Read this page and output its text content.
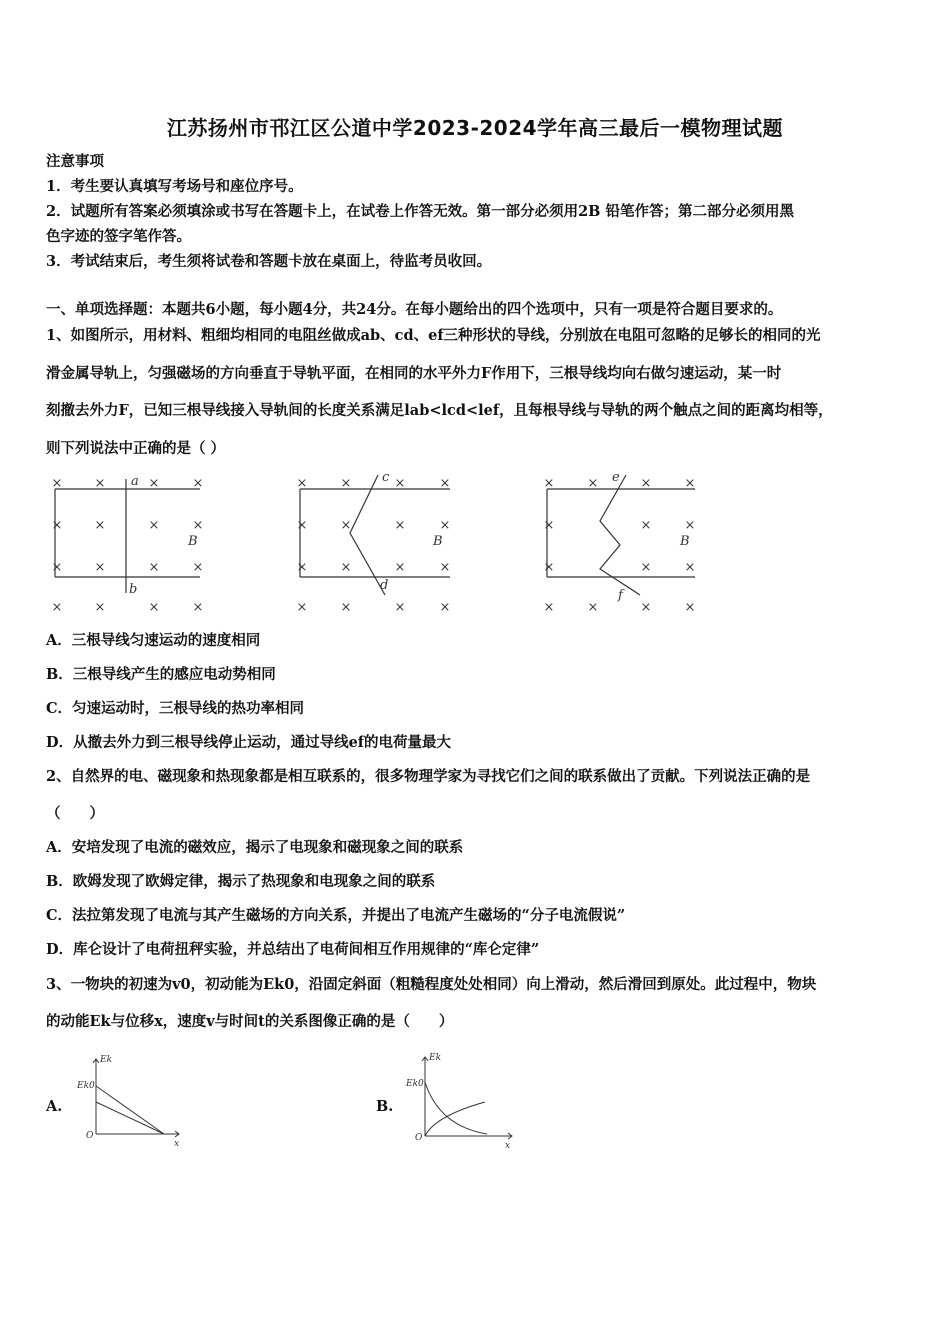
江苏扬州市邗江区公道中学2023-2024学年高三最后一模物理试题
注意事项
1．考生要认真填写考场号和座位序号。
2．试题所有答案必须填涂或书写在答题卡上，在试卷上作答无效。第一部分必须用2B 铅笔作答；第二部分必须用黑
色字迹的签字笔作答。
3．考试结束后，考生须将试卷和答题卡放在桌面上，待监考员收回。
一、单项选择题：本题共6小题，每小题4分，共24分。在每小题给出的四个选项中，只有一项是符合题目要求的。
1、如图所示，用材料、粗细均相同的电阻丝做成ab、cd、ef三种形状的导线，分别放在电阻可忽略的足够长的相同的光
滑金属导轨上，匀强磁场的方向垂直于导轨平面，在相同的水平外力F作用下，三根导线均向右做匀速运动，某一时
刻撤去外力F，已知三根导线接入导轨间的长度关系满足lab<lcd<lef，且每根导线与导轨的两个触点之间的距离均相等，
则下列说法中正确的是（ ）
× ×	×	×
× ×	×	×
× ×	×	×
× ×	×	×
×	×	×	×
×	×	×	×
×	×	×	×
×	×	×	×
×	×	×	×
×	×	×
×	×	×
×	×	×	×
a
b
c
d
e
f
B	B	B
A．三根导线匀速运动的速度相同
B．三根导线产生的感应电动势相同
C．匀速运动时，三根导线的热功率相同
D．从撤去外力到三根导线停止运动，通过导线ef的电荷量最大
2、自然界的电、磁现象和热现象都是相互联系的，很多物理学家为寻找它们之间的联系做出了贡献。下列说法正确的是
（　　）
A．安培发现了电流的磁效应，揭示了电现象和磁现象之间的联系
B．欧姆发现了欧姆定律，揭示了热现象和电现象之间的联系
C．法拉第发现了电流与其产生磁场的方向关系，并提出了电流产生磁场的“分子电流假说”
D．库仑设计了电荷扭秤实验，并总结出了电荷间相互作用规律的“库仑定律”
3、一物块的初速为v0，初动能为Ek0，沿固定斜面（粗糙程度处处相同）向上滑动，然后滑回到原处。此过程中，物块
的动能Ek与位移x，速度v与时间t的关系图像正确的是（　　）
A.
Ek
Ek0
O
x
B.
Ek
Ek0
O
x
